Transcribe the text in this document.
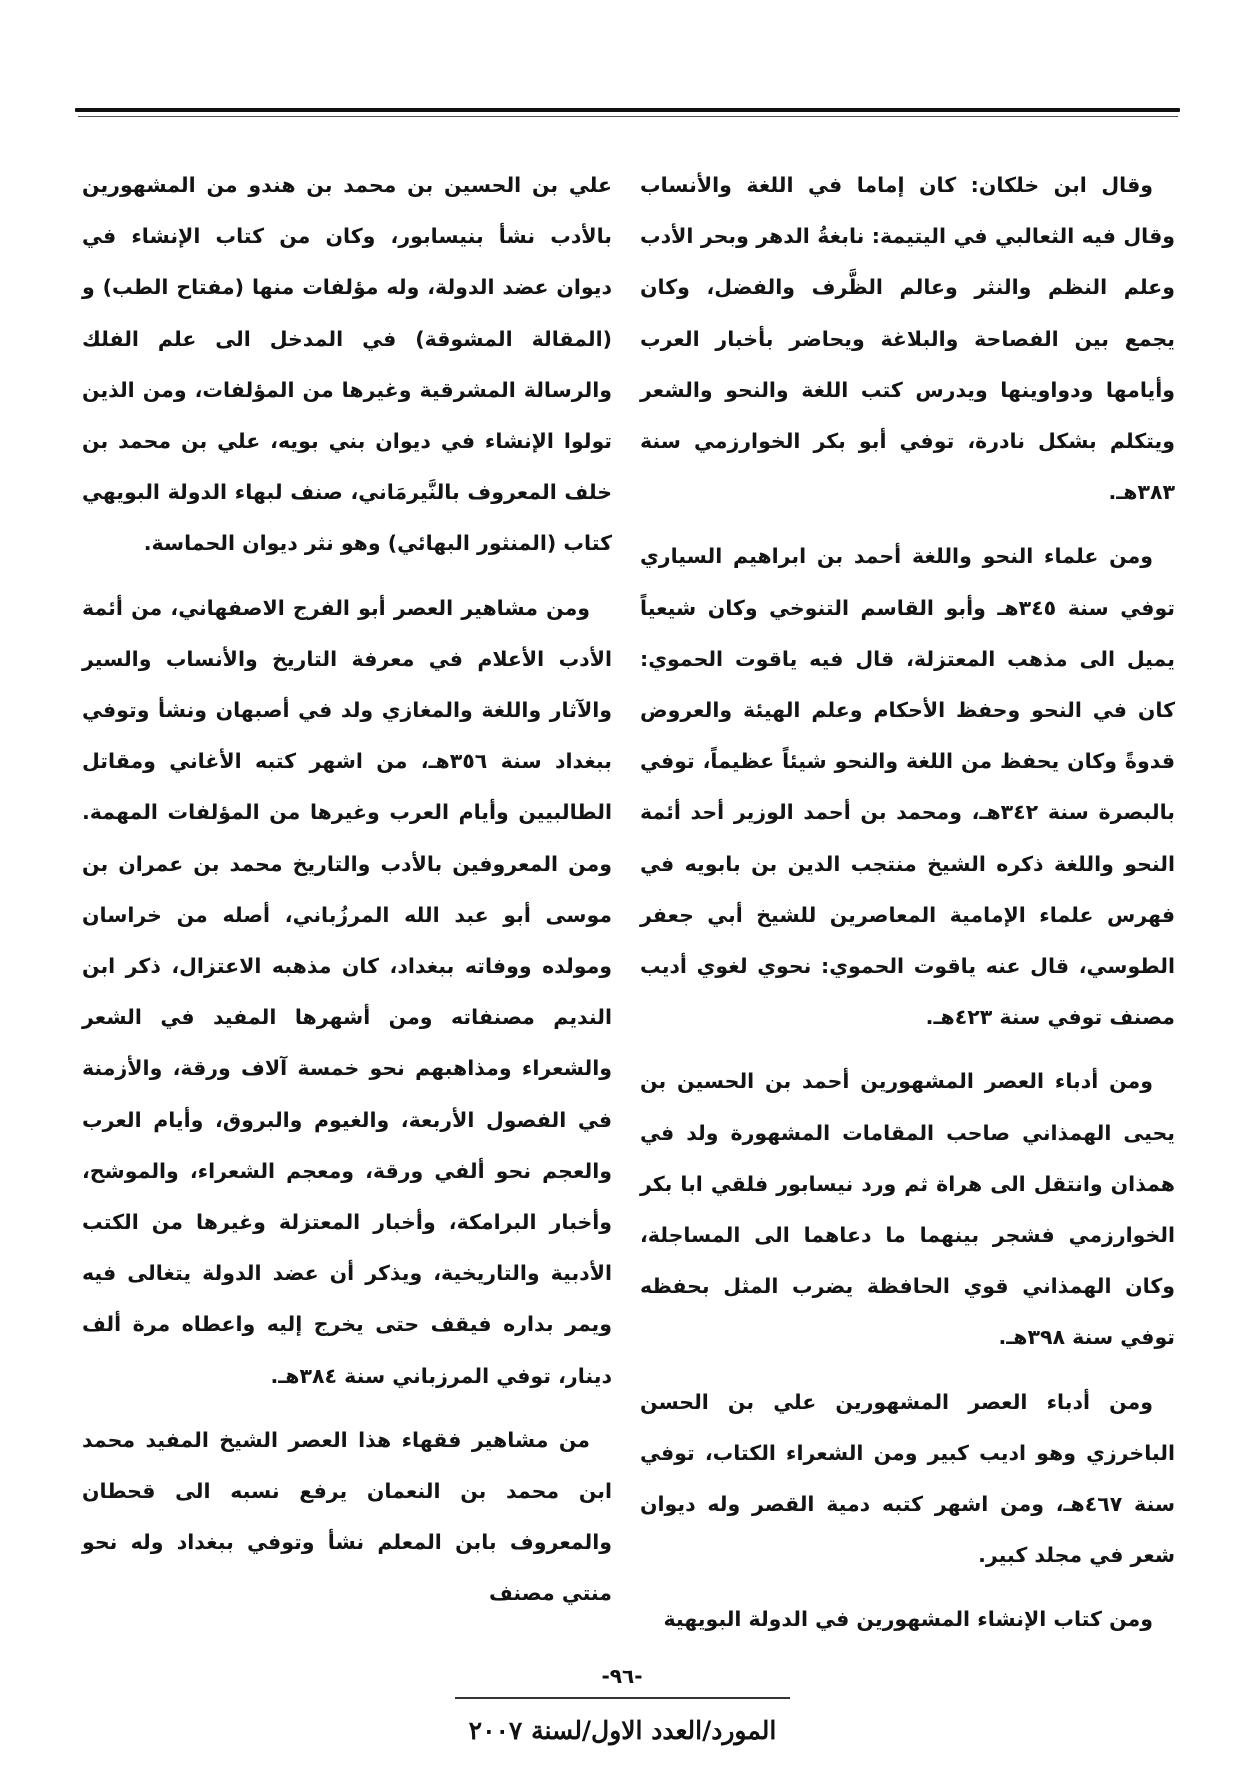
وقال ابن خلكان: كان إماما في اللغة والأنساب وقال فيه الثعالبي في اليتيمة: نابغةُ الدهر وبحر الأدب وعلم النظم والنثر وعالم الظَّرف والفضل، وكان يجمع بين الفصاحة والبلاغة ويحاضر بأخبار العرب وأيامها ودواوينها ويدرس كتب اللغة والنحو والشعر ويتكلم بشكل نادرة، توفي أبو بكر الخوارزمي سنة ٣٨٣هـ.

ومن علماء النحو واللغة أحمد بن ابراهيم السياري توفي سنة ٣٤٥هـ وأبو القاسم التنوخي وكان شيعياً يميل الى مذهب المعتزلة، قال فيه ياقوت الحموي: كان في النحو وحفظ الأحكام وعلم الهيئة والعروض قدوةً وكان يحفظ من اللغة والنحو شيئاً عظيماً، توفي بالبصرة سنة ٣٤٢هـ، ومحمد بن أحمد الوزير أحد أئمة النحو واللغة ذكره الشيخ منتجب الدين بن بابويه في فهرس علماء الإمامية المعاصرين للشيخ أبي جعفر الطوسي، قال عنه ياقوت الحموي: نحوي لغوي أديب مصنف توفي سنة ٤٢٣هـ.

ومن أدباء العصر المشهورين أحمد بن الحسين بن يحيى الهمذاني صاحب المقامات المشهورة ولد في همذان وانتقل الى هراة ثم ورد نيسابور فلقي ابا بكر الخوارزمي فشجر بينهما ما دعاهما الى المساجلة، وكان الهمذاني قوي الحافظة يضرب المثل بحفظه توفي سنة ٣٩٨هـ.

ومن أدباء العصر المشهورين علي بن الحسن الباخرزي وهو اديب كبير ومن الشعراء الكتاب، توفي سنة ٤٦٧هـ، ومن اشهر كتبه دمية القصر وله ديوان شعر في مجلد كبير.

ومن كتاب الإنشاء المشهورين في الدولة البويهية

علي بن الحسين بن محمد بن هندو من المشهورين بالأدب نشأ بنيسابور، وكان من كتاب الإنشاء في ديوان عضد الدولة، وله مؤلفات منها (مفتاح الطب) و (المقالة المشوقة) في المدخل الى علم الفلك والرسالة المشرقية وغيرها من المؤلفات، ومن الذين تولوا الإنشاء في ديوان بني بويه، علي بن محمد بن خلف المعروف بالنَّيرمَاني، صنف لبهاء الدولة البويهي كتاب (المنثور البهائي) وهو نثر ديوان الحماسة.

ومن مشاهير العصر أبو الفرج الاصفهاني، من أئمة الأدب الأعلام في معرفة التاريخ والأنساب والسير والآثار واللغة والمغازي ولد في أصبهان ونشأ وتوفي ببغداد سنة ٣٥٦هـ، من اشهر كتبه الأغاني ومقاتل الطالبيين وأيام العرب وغيرها من المؤلفات المهمة. ومن المعروفين بالأدب والتاريخ محمد بن عمران بن موسى أبو عبد الله المرزُباني، أصله من خراسان ومولده ووفاته ببغداد، كان مذهبه الاعتزال، ذكر ابن النديم مصنفاته ومن أشهرها المفيد في الشعر والشعراء ومذاهبهم نحو خمسة آلاف ورقة، والأزمنة في الفصول الأربعة، والغيوم والبروق، وأيام العرب والعجم نحو ألفي ورقة، ومعجم الشعراء، والموشح، وأخبار البرامكة، وأخبار المعتزلة وغيرها من الكتب الأدبية والتاريخية، ويذكر أن عضد الدولة يتغالى فيه ويمر بداره فيقف حتى يخرج إليه واعطاه مرة ألف دينار، توفي المرزباني سنة ٣٨٤هـ.

من مشاهير فقهاء هذا العصر الشيخ المفيد محمد ابن محمد بن النعمان يرفع نسبه الى قحطان والمعروف بابن المعلم نشأ وتوفي ببغداد وله نحو منتي مصنف

-٩٦-
المورد/العدد الاول/لسنة ٢٠٠٧
